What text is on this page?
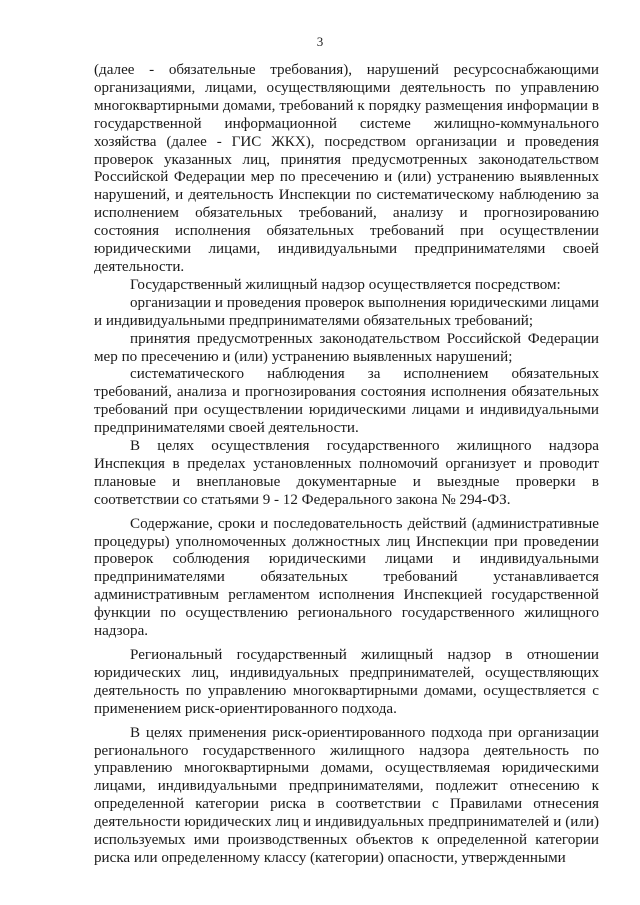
3

(далее - обязательные требования), нарушений ресурсоснабжающими организациями, лицами, осуществляющими деятельность по управлению многоквартирными домами, требований к порядку размещения информации в государственной информационной системе жилищно-коммунального хозяйства (далее - ГИС ЖКХ), посредством организации и проведения проверок указанных лиц, принятия предусмотренных законодательством Российской Федерации мер по пресечению и (или) устранению выявленных нарушений, и деятельность Инспекции по систематическому наблюдению за исполнением обязательных требований, анализу и прогнозированию состояния исполнения обязательных требований при осуществлении юридическими лицами, индивидуальными предпринимателями своей деятельности.

Государственный жилищный надзор осуществляется посредством:

организации и проведения проверок выполнения юридическими лицами и индивидуальными предпринимателями обязательных требований;

принятия предусмотренных законодательством Российской Федерации мер по пресечению и (или) устранению выявленных нарушений;

систематического наблюдения за исполнением обязательных требований, анализа и прогнозирования состояния исполнения обязательных требований при осуществлении юридическими лицами и индивидуальными предпринимателями своей деятельности.

В целях осуществления государственного жилищного надзора Инспекция в пределах установленных полномочий организует и проводит плановые и внеплановые документарные и выездные проверки в соответствии со статьями 9 - 12 Федерального закона № 294-ФЗ.

Содержание, сроки и последовательность действий (административные процедуры) уполномоченных должностных лиц Инспекции при проведении проверок соблюдения юридическими лицами и индивидуальными предпринимателями обязательных требований устанавливается административным регламентом исполнения Инспекцией государственной функции по осуществлению регионального государственного жилищного надзора.

Региональный государственный жилищный надзор в отношении юридических лиц, индивидуальных предпринимателей, осуществляющих деятельность по управлению многоквартирными домами, осуществляется с применением риск-ориентированного подхода.

В целях применения риск-ориентированного подхода при организации регионального государственного жилищного надзора деятельность по управлению многоквартирными домами, осуществляемая юридическими лицами, индивидуальными предпринимателями, подлежит отнесению к определенной категории риска в соответствии с Правилами отнесения деятельности юридических лиц и индивидуальных предпринимателей и (или) используемых ими производственных объектов к определенной категории риска или определенному классу (категории) опасности, утвержденными
